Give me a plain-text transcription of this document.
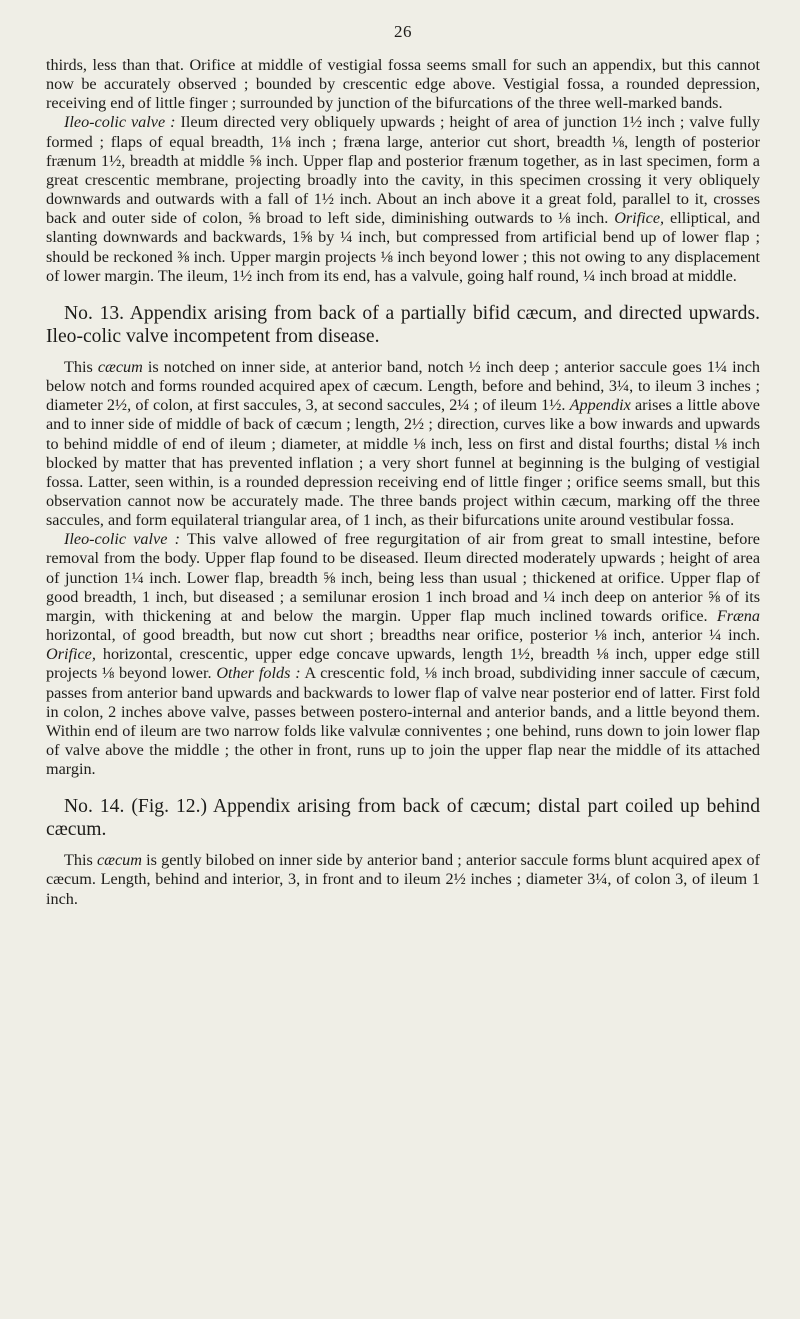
26

thirds, less than that. Orifice at middle of vestigial fossa seems small for such an appendix, but this cannot now be accurately observed ; bounded by crescentic edge above. Vestigial fossa, a rounded depression, receiving end of little finger ; surrounded by junction of the bifurcations of the three well-marked bands.

Ileo-colic valve : Ileum directed very obliquely upwards ; height of area of junction 1½ inch ; valve fully formed ; flaps of equal breadth, 1⅛ inch ; fræna large, anterior cut short, breadth ⅛, length of posterior frænum 1½, breadth at middle ⅝ inch. Upper flap and posterior frænum together, as in last specimen, form a great crescentic membrane, projecting broadly into the cavity, in this specimen crossing it very obliquely downwards and outwards with a fall of 1½ inch. About an inch above it a great fold, parallel to it, crosses back and outer side of colon, ⅝ broad to left side, diminishing outwards to ⅛ inch. Orifice, elliptical, and slanting downwards and backwards, 1⅝ by ¼ inch, but compressed from artificial bend up of lower flap ; should be reckoned ⅜ inch. Upper margin projects ⅛ inch beyond lower ; this not owing to any displacement of lower margin. The ileum, 1½ inch from its end, has a valvule, going half round, ¼ inch broad at middle.

No. 13. Appendix arising from back of a partially bifid cæcum, and directed upwards. Ileo-colic valve incompetent from disease.

This cæcum is notched on inner side, at anterior band, notch ½ inch deep ; anterior saccule goes 1¼ inch below notch and forms rounded acquired apex of cæcum. Length, before and behind, 3¼, to ileum 3 inches ; diameter 2½, of colon, at first saccules, 3, at second saccules, 2¼ ; of ileum 1½. Appendix arises a little above and to inner side of middle of back of cæcum ; length, 2½ ; direction, curves like a bow inwards and upwards to behind middle of end of ileum ; diameter, at middle ⅛ inch, less on first and distal fourths; distal ⅛ inch blocked by matter that has prevented inflation ; a very short funnel at beginning is the bulging of vestigial fossa. Latter, seen within, is a rounded depression receiving end of little finger ; orifice seems small, but this observation cannot now be accurately made. The three bands project within cæcum, marking off the three saccules, and form equilateral triangular area, of 1 inch, as their bifurcations unite around vestibular fossa.

Ileo-colic valve : This valve allowed of free regurgitation of air from great to small intestine, before removal from the body. Upper flap found to be diseased. Ileum directed moderately upwards ; height of area of junction 1¼ inch. Lower flap, breadth ⅝ inch, being less than usual ; thickened at orifice. Upper flap of good breadth, 1 inch, but diseased ; a semilunar erosion 1 inch broad and ¼ inch deep on anterior ⅝ of its margin, with thickening at and below the margin. Upper flap much inclined towards orifice. Fræna horizontal, of good breadth, but now cut short ; breadths near orifice, posterior ⅛ inch, anterior ¼ inch. Orifice, horizontal, crescentic, upper edge concave upwards, length 1½, breadth ⅛ inch, upper edge still projects ⅛ beyond lower. Other folds : A crescentic fold, ⅛ inch broad, subdividing inner saccule of cæcum, passes from anterior band upwards and backwards to lower flap of valve near posterior end of latter. First fold in colon, 2 inches above valve, passes between postero-internal and anterior bands, and a little beyond them. Within end of ileum are two narrow folds like valvulæ conniventes ; one behind, runs down to join lower flap of valve above the middle ; the other in front, runs up to join the upper flap near the middle of its attached margin.

No. 14. (Fig. 12.) Appendix arising from back of cæcum; distal part coiled up behind cæcum.

This cæcum is gently bilobed on inner side by anterior band ; anterior saccule forms blunt acquired apex of cæcum. Length, behind and interior, 3, in front and to ileum 2½ inches ; diameter 3¼, of colon 3, of ileum 1 inch.
